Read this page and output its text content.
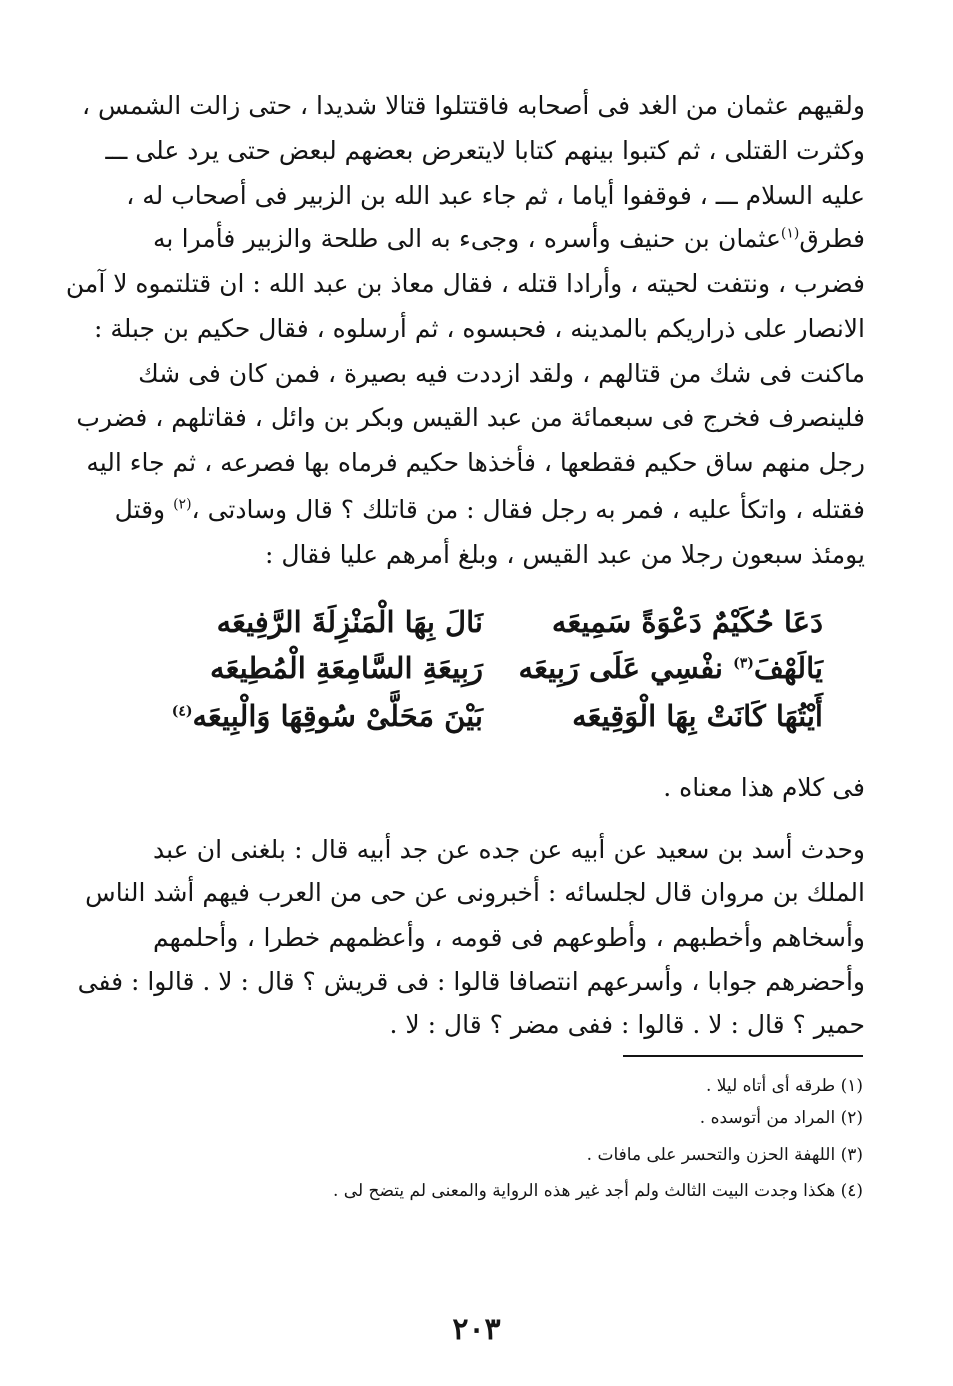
ولقيهم عثمان من الغد فى أصحابه فاقتتلوا قتالا شديدا ، حتى زالت الشمس ،
وكثرت القتلى ، ثم كتبوا بينهم كتابا لايتعرض بعضهم لبعض حتى يرد على ـــ
عليه السلام ـــ ، فوقفوا أياما ، ثم جاء عبد الله بن الزبير فى أصحاب له ،
فطرق$^{(١)}$عثمان بن حنيف وأسره ، وجىء به الى طلحة والزبير فأمرا به
فضرب ، ونتفت لحيته ، وأرادا قتله ، فقال معاذ بن عبد الله : ان قتلتموه لا آمن
الانصار على ذراريكم بالمدينه ، فحبسوه ، ثم أرسلوه ، فقال حكيم بن جبلة :
ماكنت فى شك من قتالهم ، ولقد ازددت فيه بصيرة ، فمن كان فى شك
فلينصرف فخرج فى سبعمائة من عبد القيس وبكر بن وائل ، فقاتلهم ، فضرب
رجل منهم ساق حكيم فقطعها ، فأخذها حكيم فرماه بها فصرعه ، ثم جاء اليه
فقتله ، واتكأ عليه ، فمر به رجل فقال : من قاتلك ؟ قال وسادتى ،$^{(٢)}$ وقتل
يومئذ سبعون رجلا من عبد القيس ، وبلغ أمرهم عليا فقال :
دَعَا حُكَيْمٌ دَعْوَةً سَمِيعَه
نَالَ بِهَا الْمَنْزِلَةَ الرَّفِيعَه
يَالَهْفَ$^{(٣)}$ نفْسِي عَلَى رَبِيعَه
رَبِيعَةِ السَّامِعَةِ الْمُطِيعَه
أَيْتُهَا كَانَتْ بِهَا الْوَقِيعَه
بَيْنَ مَحَلَّىْ سُوقِهَا وَالْبِيعَه$^{(٤)}$
فى كلام هذا معناه .
وحدث أسد بن سعيد عن أبيه عن جده عن جد أبيه قال : بلغنى ان عبد
الملك بن مروان قال لجلسائه : أخبرونى عن حى من العرب فيهم أشد الناس
وأسخاهم وأخطبهم ، وأطوعهم فى قومه ، وأعظمهم خطرا ، وأحلمهم
وأحضرهم جوابا ، وأسرعهم انتصافا قالوا : فى قريش ؟ قال : لا . قالوا : ففى
حمير ؟ قال : لا . قالوا : ففى مضر ؟ قال : لا .
(١) طرقه أى أتاه ليلا .
(٢) المراد من أتوسده .
(٣) اللهفة الحزن والتحسر على مافات .
(٤) هكذا وجدت البيت الثالث ولم أجد غير هذه الرواية والمعنى لم يتضح لى .
٢٠٣
